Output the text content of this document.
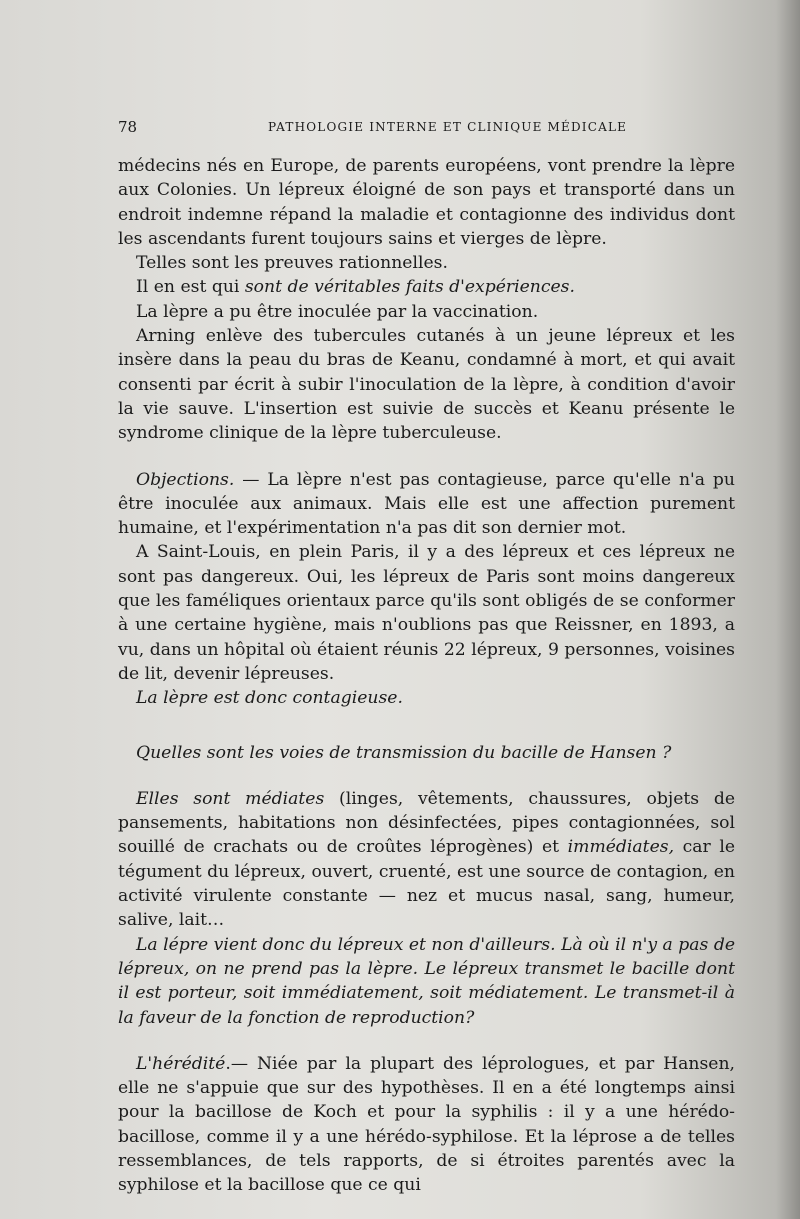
78	PATHOLOGIE INTERNE ET CLINIQUE MÉDICALE

médecins nés en Europe, de parents européens, vont prendre la lèpre aux Colonies. Un lépreux éloigné de son pays et transporté dans un endroit indemne répand la maladie et contagionne des individus dont les ascendants furent toujours sains et vierges de lèpre.

Telles sont les preuves rationnelles.

Il en est qui sont de véritables faits d'expériences.

La lèpre a pu être inoculée par la vaccination.

Arning enlève des tubercules cutanés à un jeune lépreux et les insère dans la peau du bras de Keanu, condamné à mort, et qui avait consenti par écrit à subir l'inoculation de la lèpre, à condition d'avoir la vie sauve. L'insertion est suivie de succès et Keanu présente le syndrome clinique de la lèpre tuberculeuse.

Objections. — La lèpre n'est pas contagieuse, parce qu'elle n'a pu être inoculée aux animaux. Mais elle est une affection purement humaine, et l'expérimentation n'a pas dit son dernier mot.

A Saint-Louis, en plein Paris, il y a des lépreux et ces lépreux ne sont pas dangereux. Oui, les lépreux de Paris sont moins dangereux que les faméliques orientaux parce qu'ils sont obligés de se conformer à une certaine hygiène, mais n'oublions pas que Reissner, en 1893, a vu, dans un hôpital où étaient réunis 22 lépreux, 9 personnes, voisines de lit, devenir lépreuses.

La lèpre est donc contagieuse.

Quelles sont les voies de transmission du bacille de Hansen ?

Elles sont médiates (linges, vêtements, chaussures, objets de pansements, habitations non désinfectées, pipes contagionnées, sol souillé de crachats ou de croûtes léprogènes) et immédiates, car le tégument du lépreux, ouvert, cruenté, est une source de contagion, en activité virulente constante — nez et mucus nasal, sang, humeur, salive, lait…

La lépre vient donc du lépreux et non d'ailleurs. Là où il n'y a pas de lépreux, on ne prend pas la lèpre. Le lépreux transmet le bacille dont il est porteur, soit immédiatement, soit médiatement. Le transmet-il à la faveur de la fonction de reproduction?

L'hérédité.— Niée par la plupart des léprologues, et par Hansen, elle ne s'appuie que sur des hypothèses. Il en a été longtemps ainsi pour la bacillose de Koch et pour la syphilis : il y a une hérédo-bacillose, comme il y a une hérédo-syphilose. Et la léprose a de telles ressemblances, de tels rapports, de si étroites parentés avec la syphilose et la bacillose que ce qui
